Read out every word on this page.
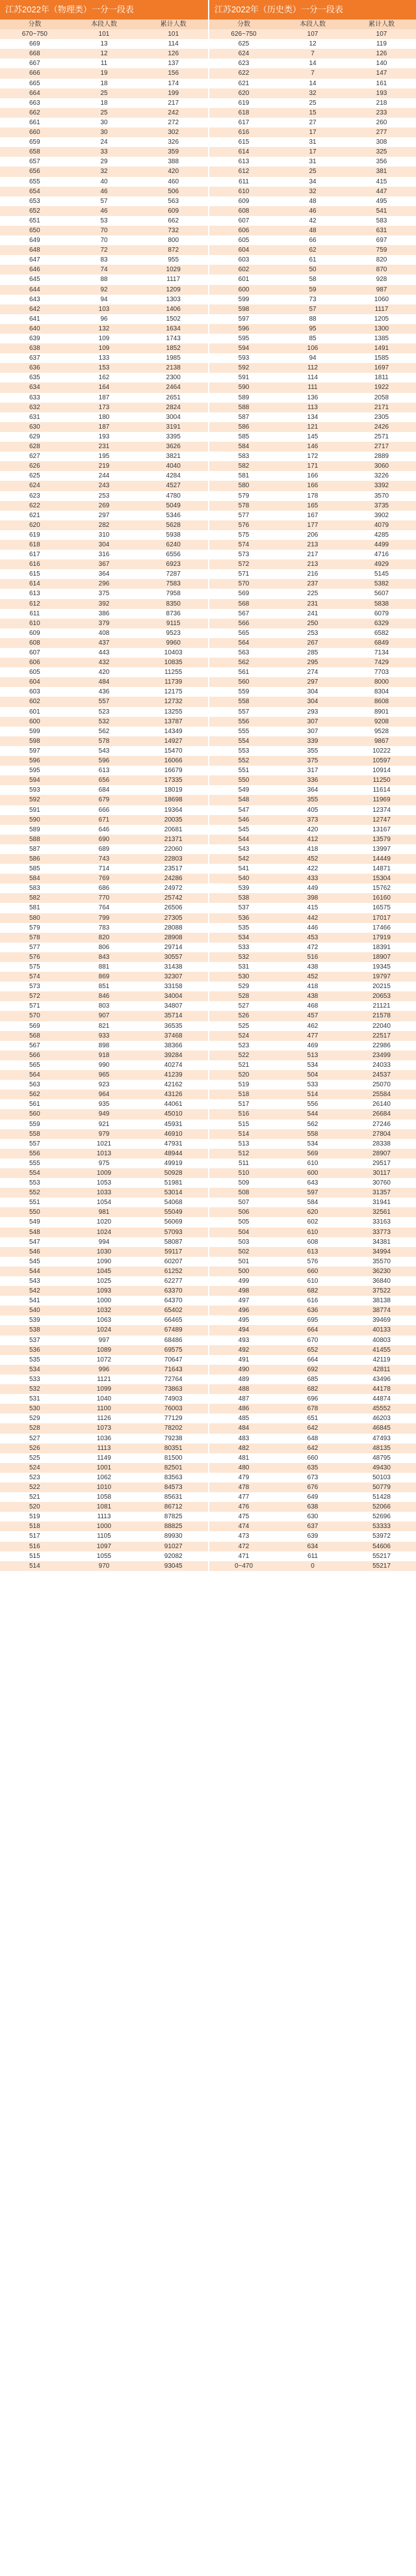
江苏2022年（物理类）一分一段表
分数	本段人数	累计人数
670~750	101	101
669	13	114
668	12	126
667	11	137
666	19	156
665	18	174
664	25	199
663	18	217
662	25	242
661	30	272
660	30	302
659	24	326
658	33	359
657	29	388
656	32	420
655	40	460
654	46	506
653	57	563
652	46	609
651	53	662
650	70	732
649	70	800
648	72	872
647	83	955
646	74	1029
645	88	1117
644	92	1209
643	94	1303
642	103	1406
641	96	1502
640	132	1634
639	109	1743
638	109	1852
637	133	1985
636	153	2138
635	162	2300
634	164	2464
633	187	2651
632	173	2824
631	180	3004
630	187	3191
629	193	3395
628	231	3626
627	195	3821
626	219	4040
625	244	4284
624	243	4527
623	253	4780
622	269	5049
621	297	5346
620	282	5628
619	310	5938
618	304	6240
617	316	6556
616	367	6923
615	364	7287
614	296	7583
613	375	7958
612	392	8350
611	386	8736
610	379	9115
609	408	9523
608	437	9960
607	443	10403
606	432	10835
605	420	11255
604	484	11739
603	436	12175
602	557	12732
601	523	13255
600	532	13787
599	562	14349
598	578	14927
597	543	15470
596	596	16066
595	613	16679
594	656	17335
593	684	18019
592	679	18698
591	666	19364
590	671	20035
589	646	20681
588	690	21371
587	689	22060
586	743	22803
585	714	23517
584	769	24286
583	686	24972
582	770	25742
581	764	26506
580	799	27305
579	783	28088
578	820	28908
577	806	29714
576	843	30557
575	881	31438
574	869	32307
573	851	33158
572	846	34004
571	803	34807
570	907	35714
569	821	36535
568	933	37468
567	898	38366
566	918	39284
565	990	40274
564	965	41239
563	923	42162
562	964	43126
561	935	44061
560	949	45010
559	921	45931
558	979	46910
557	1021	47931
556	1013	48944
555	975	49919
554	1009	50928
553	1053	51981
552	1033	53014
551	1054	54068
550	981	55049
549	1020	56069
548	1024	57093
547	994	58087
546	1030	59117
545	1090	60207
544	1045	61252
543	1025	62277
542	1093	63370
541	1000	64370
540	1032	65402
539	1063	66465
538	1024	67489
537	997	68486
536	1089	69575
535	1072	70647
534	996	71643
533	1121	72764
532	1099	73863
531	1040	74903
530	1100	76003
529	1126	77129
528	1073	78202
527	1036	79238
526	1113	80351
525	1149	81500
524	1001	82501
523	1062	83563
522	1010	84573
521	1058	85631
520	1081	86712
519	1113	87825
518	1000	88825
517	1105	89930
516	1097	91027
515	1055	92082
514	970	93045
江苏2022年（历史类）一分一段表
分数	本段人数	累计人数
626~750	107	107
625	12	119
624	7	126
623	14	140
622	7	147
621	14	161
620	32	193
619	25	218
618	15	233
617	27	260
616	17	277
615	31	308
614	17	325
613	31	356
612	25	381
611	34	415
610	32	447
609	48	495
608	46	541
607	42	583
606	48	631
605	66	697
604	62	759
603	61	820
602	50	870
601	58	928
600	59	987
599	73	1060
598	57	1117
597	88	1205
596	95	1300
595	85	1385
594	106	1491
593	94	1585
592	112	1697
591	114	1811
590	111	1922
589	136	2058
588	113	2171
587	134	2305
586	121	2426
585	145	2571
584	146	2717
583	172	2889
582	171	3060
581	166	3226
580	166	3392
579	178	3570
578	165	3735
577	167	3902
576	177	4079
575	206	4285
574	213	4499
573	217	4716
572	213	4929
571	216	5145
570	237	5382
569	225	5607
568	231	5838
567	241	6079
566	250	6329
565	253	6582
564	267	6849
563	285	7134
562	295	7429
561	274	7703
560	297	8000
559	304	8304
558	304	8608
557	293	8901
556	307	9208
555	307	9528
554	339	9867
553	355	10222
552	375	10597
551	317	10914
550	336	11250
549	364	11614
548	355	11969
547	405	12374
546	373	12747
545	420	13167
544	412	13579
543	418	13997
542	452	14449
541	422	14871
540	433	15304
539	449	15762
538	398	16160
537	415	16575
536	442	17017
535	446	17466
534	453	17919
533	472	18391
532	516	18907
531	438	19345
530	452	19797
529	418	20215
528	438	20653
527	468	21121
526	457	21578
525	462	22040
524	477	22517
523	469	22986
522	513	23499
521	534	24033
520	504	24537
519	533	25070
518	514	25584
517	556	26140
516	544	26684
515	562	27246
514	558	27804
513	534	28338
512	569	28907
511	610	29517
510	600	30117
509	643	30760
508	597	31357
507	584	31941
506	620	32561
505	602	33163
504	610	33773
503	608	34381
502	613	34994
501	576	35570
500	660	36230
499	610	36840
498	682	37522
497	616	38138
496	636	38774
495	695	39469
494	664	40133
493	670	40803
492	652	41455
491	664	42119
490	692	42811
489	685	43496
488	682	44178
487	696	44874
486	678	45552
485	651	46203
484	642	46845
483	648	47493
482	642	48135
481	660	48795
480	635	49430
479	673	50103
478	676	50779
477	649	51428
476	638	52066
475	630	52696
474	637	53333
473	639	53972
472	634	54606
471	611	55217
0~470	0	55217
